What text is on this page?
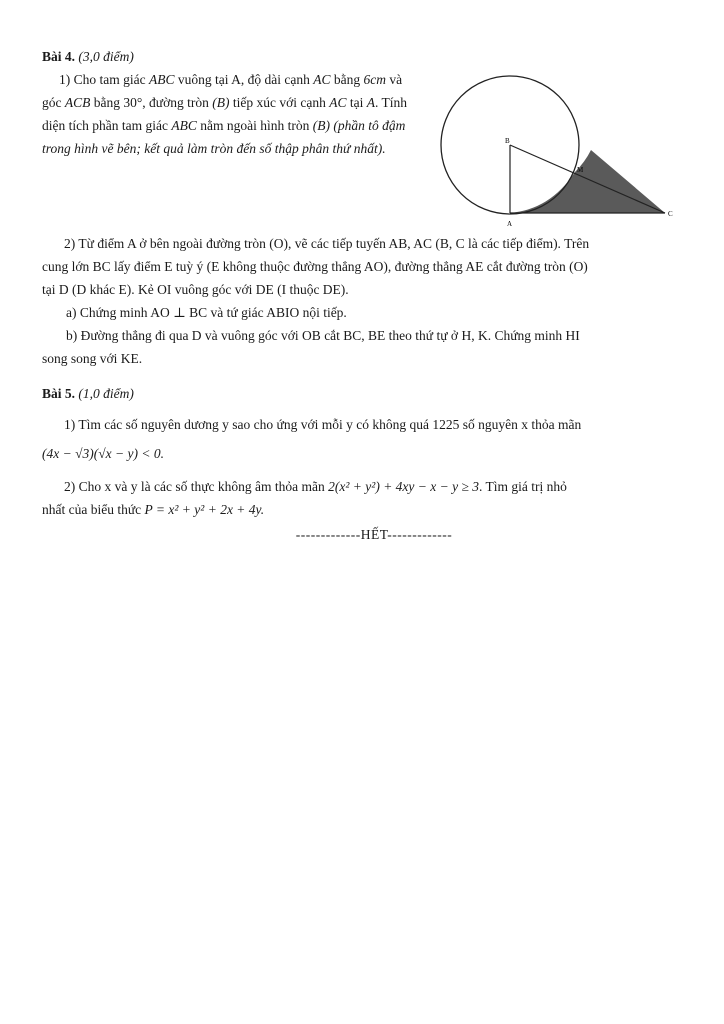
Bài 4. (3,0 điểm)
1) Cho tam giác ABC vuông tại A, độ dài cạnh AC bằng 6cm và góc ACB bằng 30°, đường tròn (B) tiếp xúc với cạnh AC tại A. Tính diện tích phần tam giác ABC nằm ngoài hình tròn (B) (phần tô đậm trong hình vẽ bên; kết quả làm tròn đến số thập phân thứ nhất).	B
M
A
C
2) Từ điểm A ở bên ngoài đường tròn (O), vẽ các tiếp tuyến AB, AC (B, C là các tiếp điểm). Trên
cung lớn BC lấy điểm E tuỳ ý (E không thuộc đường thẳng AO), đường thẳng AE cắt đường tròn (O)
tại D (D khác E). Kẻ OI vuông góc với DE (I thuộc DE).
a) Chứng minh AO ⊥ BC và tứ giác ABIO nội tiếp.
b) Đường thẳng đi qua D và vuông góc với OB cắt BC, BE theo thứ tự ở H, K. Chứng minh HI
song song với KE.
Bài 5. (1,0 điểm)
1) Tìm các số nguyên dương y sao cho ứng với mỗi y có không quá 1225 số nguyên x thỏa mãn
(4x − √3)(√x − y) < 0.
2) Cho x và y là các số thực không âm thỏa mãn 2(x² + y²) + 4xy − x − y ≥ 3. Tìm giá trị nhỏ
nhất của biểu thức P = x² + y² + 2x + 4y.
-------------HẾT-------------
